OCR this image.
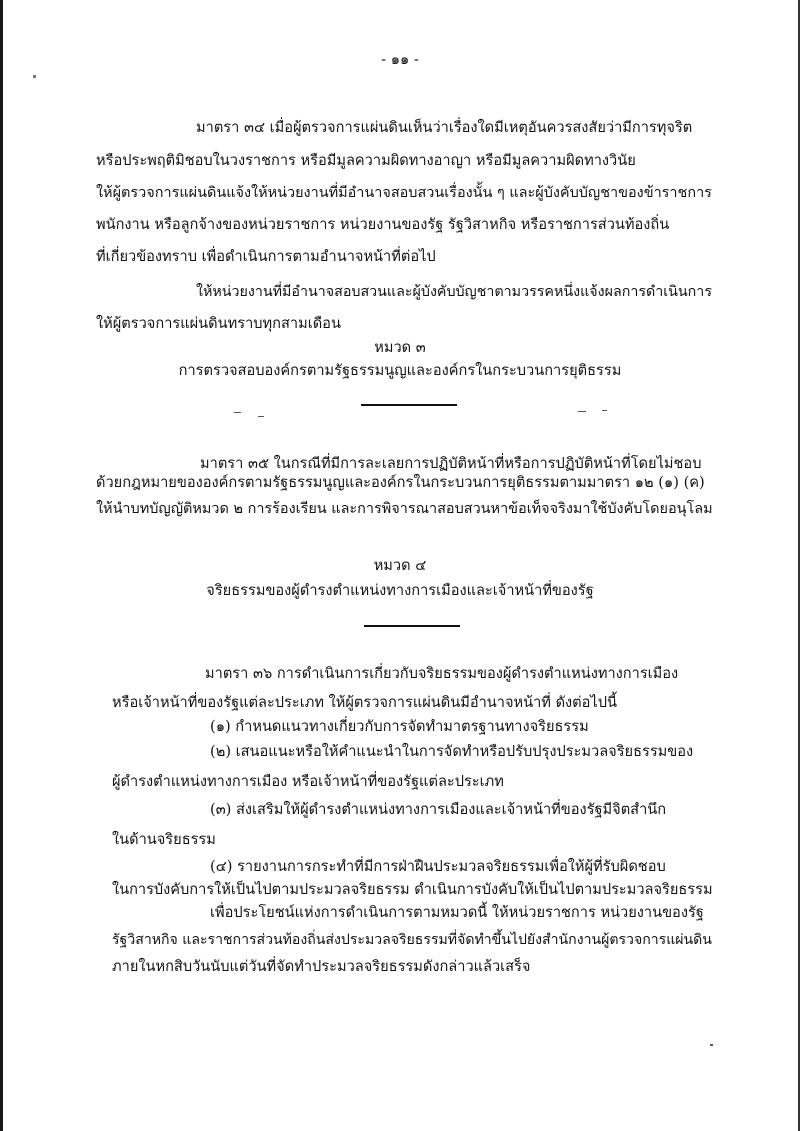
- ๑๑ -
มาตรา ๓๔ เมื่อผู้ตรวจการแผ่นดินเห็นว่าเรื่องใดมีเหตุอันควรสงสัยว่ามีการทุจริต
หรือประพฤติมิชอบในวงราชการ หรือมีมูลความผิดทางอาญา หรือมีมูลความผิดทางวินัย
ให้ผู้ตรวจการแผ่นดินแจ้งให้หน่วยงานที่มีอำนาจสอบสวนเรื่องนั้น ๆ และผู้บังคับบัญชาของข้าราชการ
พนักงาน หรือลูกจ้างของหน่วยราชการ หน่วยงานของรัฐ รัฐวิสาหกิจ หรือราชการส่วนท้องถิ่น
ที่เกี่ยวข้องทราบ เพื่อดำเนินการตามอำนาจหน้าที่ต่อไป
ให้หน่วยงานที่มีอำนาจสอบสวนและผู้บังคับบัญชาตามวรรคหนึ่งแจ้งผลการดำเนินการ
ให้ผู้ตรวจการแผ่นดินทราบทุกสามเดือน
หมวด ๓
การตรวจสอบองค์กรตามรัฐธรรมนูญและองค์กรในกระบวนการยุติธรรม
มาตรา ๓๕ ในกรณีที่มีการละเลยการปฏิบัติหน้าที่หรือการปฏิบัติหน้าที่โดยไม่ชอบ
ด้วยกฎหมายขององค์กรตามรัฐธรรมนูญและองค์กรในกระบวนการยุติธรรมตามมาตรา ๑๒ (๑) (ค)
ให้นำบทบัญญัติหมวด ๒ การร้องเรียน และการพิจารณาสอบสวนหาข้อเท็จจริงมาใช้บังคับโดยอนุโลม
หมวด ๔
จริยธรรมของผู้ดำรงตำแหน่งทางการเมืองและเจ้าหน้าที่ของรัฐ
มาตรา ๓๖ การดำเนินการเกี่ยวกับจริยธรรมของผู้ดำรงตำแหน่งทางการเมือง
หรือเจ้าหน้าที่ของรัฐแต่ละประเภท ให้ผู้ตรวจการแผ่นดินมีอำนาจหน้าที่ ดังต่อไปนี้
(๑) กำหนดแนวทางเกี่ยวกับการจัดทำมาตรฐานทางจริยธรรม
(๒) เสนอแนะหรือให้คำแนะนำในการจัดทำหรือปรับปรุงประมวลจริยธรรมของ
ผู้ดำรงตำแหน่งทางการเมือง หรือเจ้าหน้าที่ของรัฐแต่ละประเภท
(๓) ส่งเสริมให้ผู้ดำรงตำแหน่งทางการเมืองและเจ้าหน้าที่ของรัฐมีจิตสำนึก
ในด้านจริยธรรม
(๔) รายงานการกระทำที่มีการฝ่าฝืนประมวลจริยธรรมเพื่อให้ผู้ที่รับผิดชอบ
ในการบังคับการให้เป็นไปตามประมวลจริยธรรม ดำเนินการบังคับให้เป็นไปตามประมวลจริยธรรม
เพื่อประโยชน์แห่งการดำเนินการตามหมวดนี้ ให้หน่วยราชการ หน่วยงานของรัฐ
รัฐวิสาหกิจ และราชการส่วนท้องถิ่นส่งประมวลจริยธรรมที่จัดทำขึ้นไปยังสำนักงานผู้ตรวจการแผ่นดิน
ภายในหกสิบวันนับแต่วันที่จัดทำประมวลจริยธรรมดังกล่าวแล้วเสร็จ
